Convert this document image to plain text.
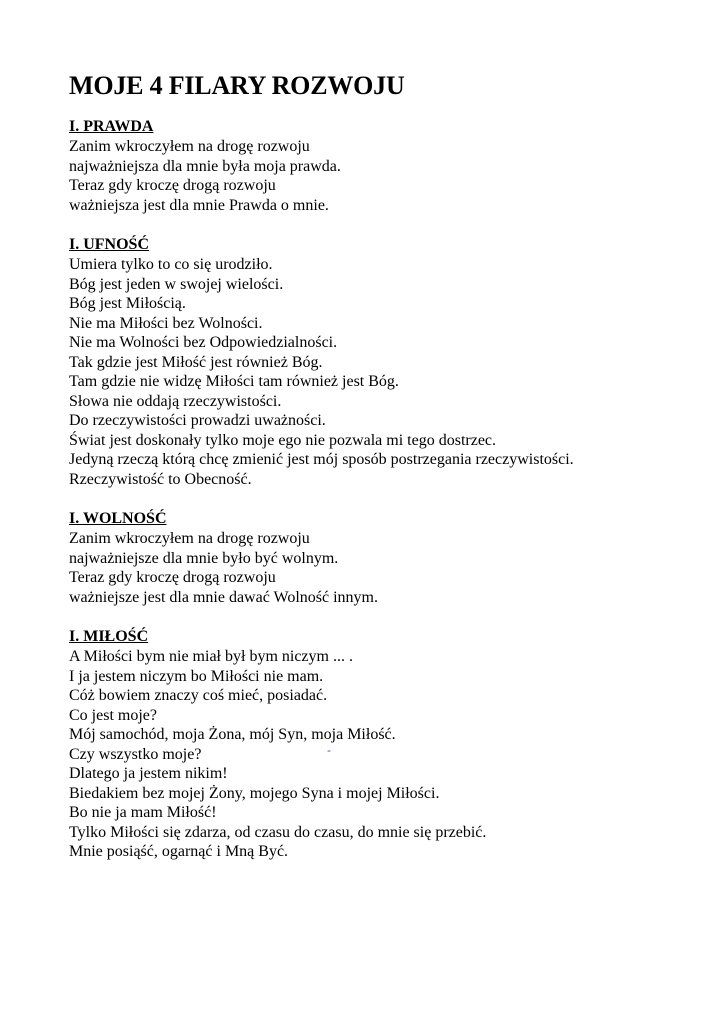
MOJE 4 FILARY ROZWOJU
I. PRAWDA
Zanim wkroczyłem na drogę rozwoju
najważniejsza dla mnie była moja prawda.
Teraz gdy kroczę drogą rozwoju
ważniejsza jest dla mnie Prawda o mnie.
I. UFNOŚĆ
Umiera tylko to co się urodziło.
Bóg jest jeden w swojej wielości.
Bóg jest Miłością.
Nie ma Miłości bez Wolności.
Nie ma Wolności bez Odpowiedzialności.
Tak gdzie jest Miłość jest również Bóg.
Tam gdzie nie widzę Miłości tam również jest Bóg.
Słowa nie oddają rzeczywistości.
Do rzeczywistości prowadzi uważności.
Świat jest doskonały tylko moje ego nie pozwala mi tego dostrzec.
Jedyną rzeczą którą chcę zmienić jest mój sposób postrzegania rzeczywistości.
Rzeczywistość to Obecność.
I. WOLNOŚĆ
Zanim wkroczyłem na drogę rozwoju
najważniejsze dla mnie było być wolnym.
Teraz gdy kroczę drogą rozwoju
ważniejsze jest dla mnie dawać Wolność innym.
I. MIŁOŚĆ
A Miłości bym nie miał był bym niczym ... .
I ja jestem niczym bo Miłości nie mam.
Cóż bowiem znaczy coś mieć, posiadać.
Co jest moje?
Mój samochód, moja Żona, mój Syn, moja Miłość.
Czy wszystko moje?
Dlatego ja jestem nikim!
Biedakiem bez mojej Żony, mojego Syna i mojej Miłości.
Bo nie ja mam Miłość!
Tylko Miłości się zdarza, od czasu do czasu, do mnie się przebić.
Mnie posiąść, ogarnąć i Mną Być.
-
